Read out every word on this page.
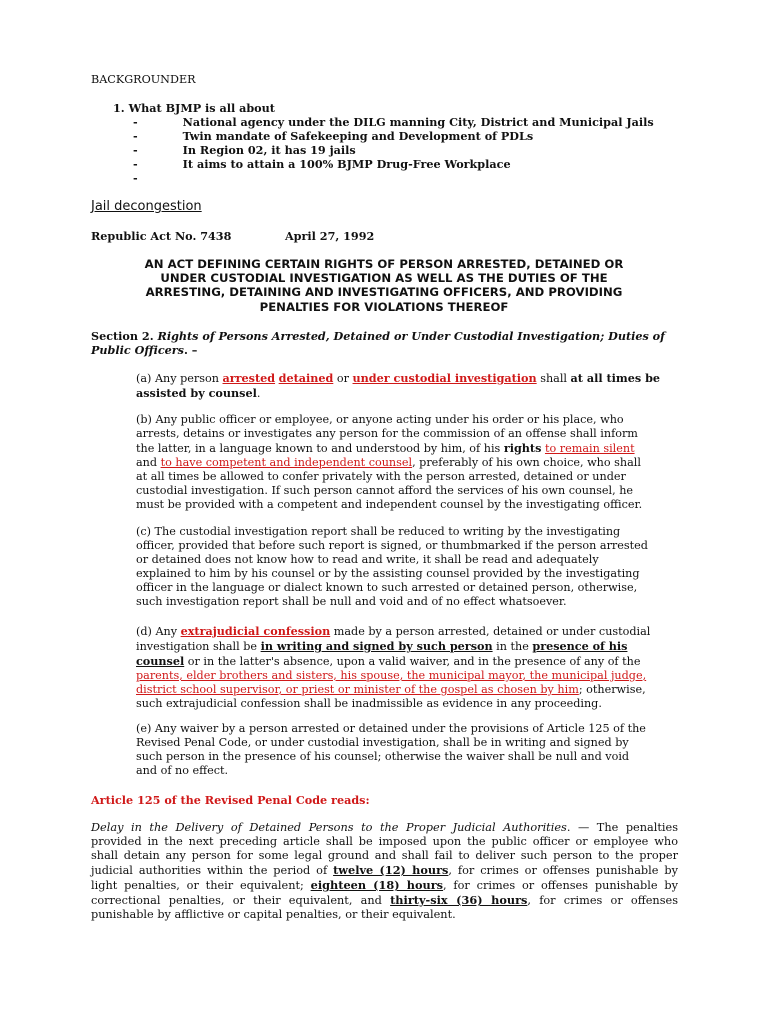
BACKGROUNDER
1. What BJMP is all about

-	National agency under the DILG manning City, District and Municipal Jails

-	Twin mandate of Safekeeping and Development of PDLs

-	In Region 02, it has 19 jails

-	It aims to attain a 100% BJMP Drug-Free Workplace

-

Jail decongestion
Republic Act No. 7438	April 27, 1992

AN ACT DEFINING CERTAIN RIGHTS OF PERSON ARRESTED, DETAINED OR

UNDER CUSTODIAL INVESTIGATION AS WELL AS THE DUTIES OF THE

ARRESTING, DETAINING AND INVESTIGATING OFFICERS, AND PROVIDING

PENALTIES FOR VIOLATIONS THEREOF

Section 2. Rights of Persons Arrested, Detained or Under Custodial Investigation; Duties of

Public Officers. –

(a) Any person arrested detained or under custodial investigation shall at all times be

assisted by counsel.

(b) Any public officer or employee, or anyone acting under his order or his place, who

arrests, detains or investigates any person for the commission of an offense shall inform

the latter, in a language known to and understood by him, of his rights to remain silent

and to have competent and independent counsel, preferably of his own choice, who shall

at all times be allowed to confer privately with the person arrested, detained or under

custodial investigation. If such person cannot afford the services of his own counsel, he

must be provided with a competent and independent counsel by the investigating officer.

(c) The custodial investigation report shall be reduced to writing by the investigating

officer, provided that before such report is signed, or thumbmarked if the person arrested

or detained does not know how to read and write, it shall be read and adequately

explained to him by his counsel or by the assisting counsel provided by the investigating

officer in the language or dialect known to such arrested or detained person, otherwise,

such investigation report shall be null and void and of no effect whatsoever.

(d) Any extrajudicial confession made by a person arrested, detained or under custodial

investigation shall be in writing and signed by such person in the presence of his

counsel or in the latter's absence, upon a valid waiver, and in the presence of any of the

parents, elder brothers and sisters, his spouse, the municipal mayor, the municipal judge,

district school supervisor, or priest or minister of the gospel as chosen by him; otherwise,

such extrajudicial confession shall be inadmissible as evidence in any proceeding.

(e) Any waiver by a person arrested or detained under the provisions of Article 125 of the

Revised Penal Code, or under custodial investigation, shall be in writing and signed by

such person in the presence of his counsel; otherwise the waiver shall be null and void

and of no effect.

Article 125 of the Revised Penal Code reads:

Delay in the Delivery of Detained Persons to the Proper Judicial Authorities. — The penalties

provided in the next preceding article shall be imposed upon the public officer or employee who

shall detain any person for some legal ground and shall fail to deliver such person to the proper

judicial authorities within the period of twelve (12) hours, for crimes or offenses punishable by

light penalties, or their equivalent; eighteen (18) hours, for crimes or offenses punishable by

correctional penalties, or their equivalent, and thirty-six (36) hours, for crimes or offenses

punishable by afflictive or capital penalties, or their equivalent.
